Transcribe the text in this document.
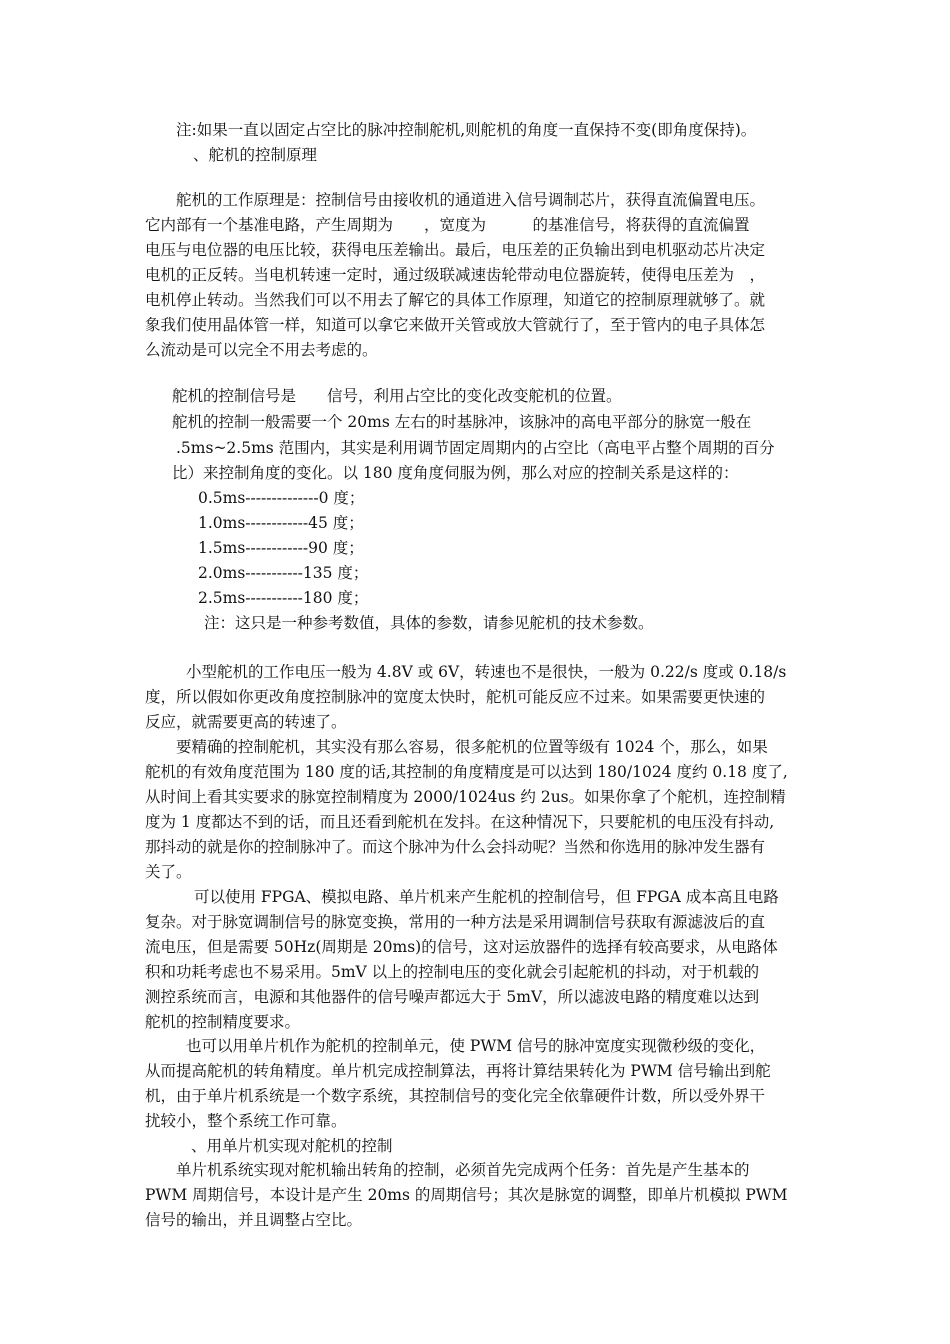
注:如果一直以固定占空比的脉冲控制舵机,则舵机的角度一直保持不变(即角度保持)。
、舵机的控制原理
舵机的工作原理是：控制信号由接收机的通道进入信号调制芯片，获得直流偏置电压。
它内部有一个基准电路，产生周期为　　，宽度为　　　的基准信号，将获得的直流偏置
电压与电位器的电压比较，获得电压差输出。最后，电压差的正负输出到电机驱动芯片决定
电机的正反转。当电机转速一定时，通过级联减速齿轮带动电位器旋转，使得电压差为　，
电机停止转动。当然我们可以不用去了解它的具体工作原理，知道它的控制原理就够了。就
象我们使用晶体管一样，知道可以拿它来做开关管或放大管就行了，至于管内的电子具体怎
么流动是可以完全不用去考虑的。
舵机的控制信号是　　信号，利用占空比的变化改变舵机的位置。
舵机的控制一般需要一个 20ms 左右的时基脉冲，该脉冲的高电平部分的脉宽一般在
.5ms~2.5ms 范围内，其实是利用调节固定周期内的占空比（高电平占整个周期的百分
比）来控制角度的变化。以 180 度角度伺服为例，那么对应的控制关系是这样的：
0.5ms--------------0 度；
1.0ms------------45 度；
1.5ms------------90 度；
2.0ms-----------135 度；
2.5ms-----------180 度；
注：这只是一种参考数值，具体的参数，请参见舵机的技术参数。
小型舵机的工作电压一般为 4.8V 或 6V，转速也不是很快，一般为 0.22/s 度或 0.18/s
度，所以假如你更改角度控制脉冲的宽度太快时，舵机可能反应不过来。如果需要更快速的
反应，就需要更高的转速了。
要精确的控制舵机，其实没有那么容易，很多舵机的位置等级有 1024 个，那么，如果
舵机的有效角度范围为 180 度的话,其控制的角度精度是可以达到 180/1024 度约 0.18 度了,
从时间上看其实要求的脉宽控制精度为 2000/1024us 约 2us。如果你拿了个舵机，连控制精
度为 1 度都达不到的话，而且还看到舵机在发抖。在这种情况下，只要舵机的电压没有抖动,
那抖动的就是你的控制脉冲了。而这个脉冲为什么会抖动呢？当然和你选用的脉冲发生器有
关了。
可以使用 FPGA、模拟电路、单片机来产生舵机的控制信号，但 FPGA 成本高且电路
复杂。对于脉宽调制信号的脉宽变换，常用的一种方法是采用调制信号获取有源滤波后的直
流电压，但是需要 50Hz(周期是 20ms)的信号，这对运放器件的选择有较高要求，从电路体
积和功耗考虑也不易采用。5mV 以上的控制电压的变化就会引起舵机的抖动，对于机载的
测控系统而言，电源和其他器件的信号噪声都远大于 5mV，所以滤波电路的精度难以达到
舵机的控制精度要求。
也可以用单片机作为舵机的控制单元，使 PWM 信号的脉冲宽度实现微秒级的变化，
从而提高舵机的转角精度。单片机完成控制算法，再将计算结果转化为 PWM 信号输出到舵
机，由于单片机系统是一个数字系统，其控制信号的变化完全依靠硬件计数，所以受外界干
扰较小，整个系统工作可靠。
、用单片机实现对舵机的控制
单片机系统实现对舵机输出转角的控制，必须首先完成两个任务：首先是产生基本的
PWM 周期信号，本设计是产生 20ms 的周期信号；其次是脉宽的调整，即单片机模拟 PWM
信号的输出，并且调整占空比。
